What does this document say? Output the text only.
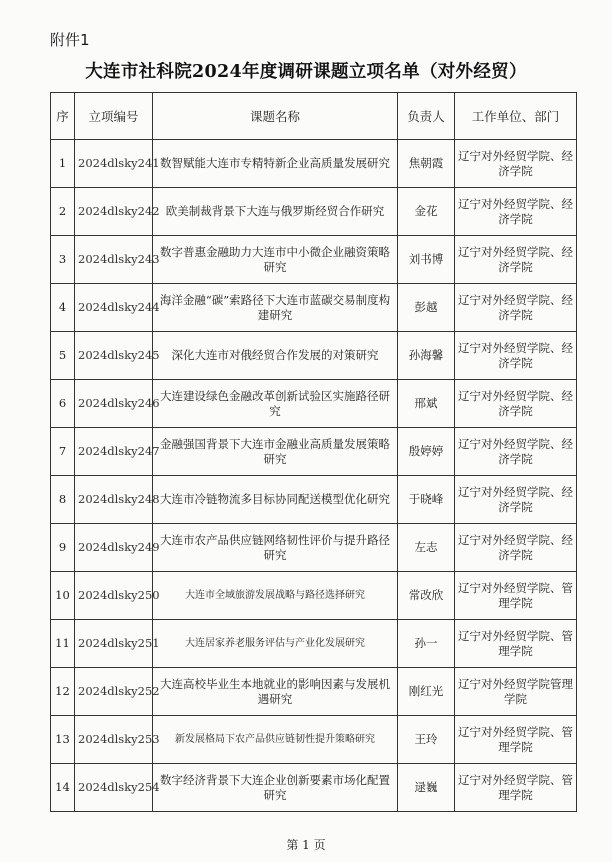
附件1
大连市社科院2024年度调研课题立项名单（对外经贸）
序	立项编号	课题名称	负责人	工作单位、部门
1	2024dlsky241	数智赋能大连市专精特新企业高质量发展研究	焦朝霞	辽宁对外经贸学院、经济学院
2	2024dlsky242	欧美制裁背景下大连与俄罗斯经贸合作研究	金花	辽宁对外经贸学院、经济学院
3	2024dlsky243	数字普惠金融助力大连市中小微企业融资策略研究	刘书博	辽宁对外经贸学院、经济学院
4	2024dlsky244	海洋金融“碳”索路径下大连市蓝碳交易制度构建研究	彭越	辽宁对外经贸学院、经济学院
5	2024dlsky245	深化大连市对俄经贸合作发展的对策研究	孙海馨	辽宁对外经贸学院、经济学院
6	2024dlsky246	大连建设绿色金融改革创新试验区实施路径研究	邢斌	辽宁对外经贸学院、经济学院
7	2024dlsky247	金融强国背景下大连市金融业高质量发展策略研究	殷婷婷	辽宁对外经贸学院、经济学院
8	2024dlsky248	大连市冷链物流多目标协同配送模型优化研究	于晓峰	辽宁对外经贸学院、经济学院
9	2024dlsky249	大连市农产品供应链网络韧性评价与提升路径研究	左志	辽宁对外经贸学院、经济学院
10	2024dlsky250	大连市全域旅游发展战略与路径选择研究	常改欣	辽宁对外经贸学院、管理学院
11	2024dlsky251	大连居家养老服务评估与产业化发展研究	孙一	辽宁对外经贸学院、管理学院
12	2024dlsky252	大连高校毕业生本地就业的影响因素与发展机遇研究	刚红光	辽宁对外经贸学院管理学院
13	2024dlsky253	新发展格局下农产品供应链韧性提升策略研究	王玲	辽宁对外经贸学院、管理学院
14	2024dlsky254	数字经济背景下大连企业创新要素市场化配置研究	逯巍	辽宁对外经贸学院、管理学院
第 1 页
